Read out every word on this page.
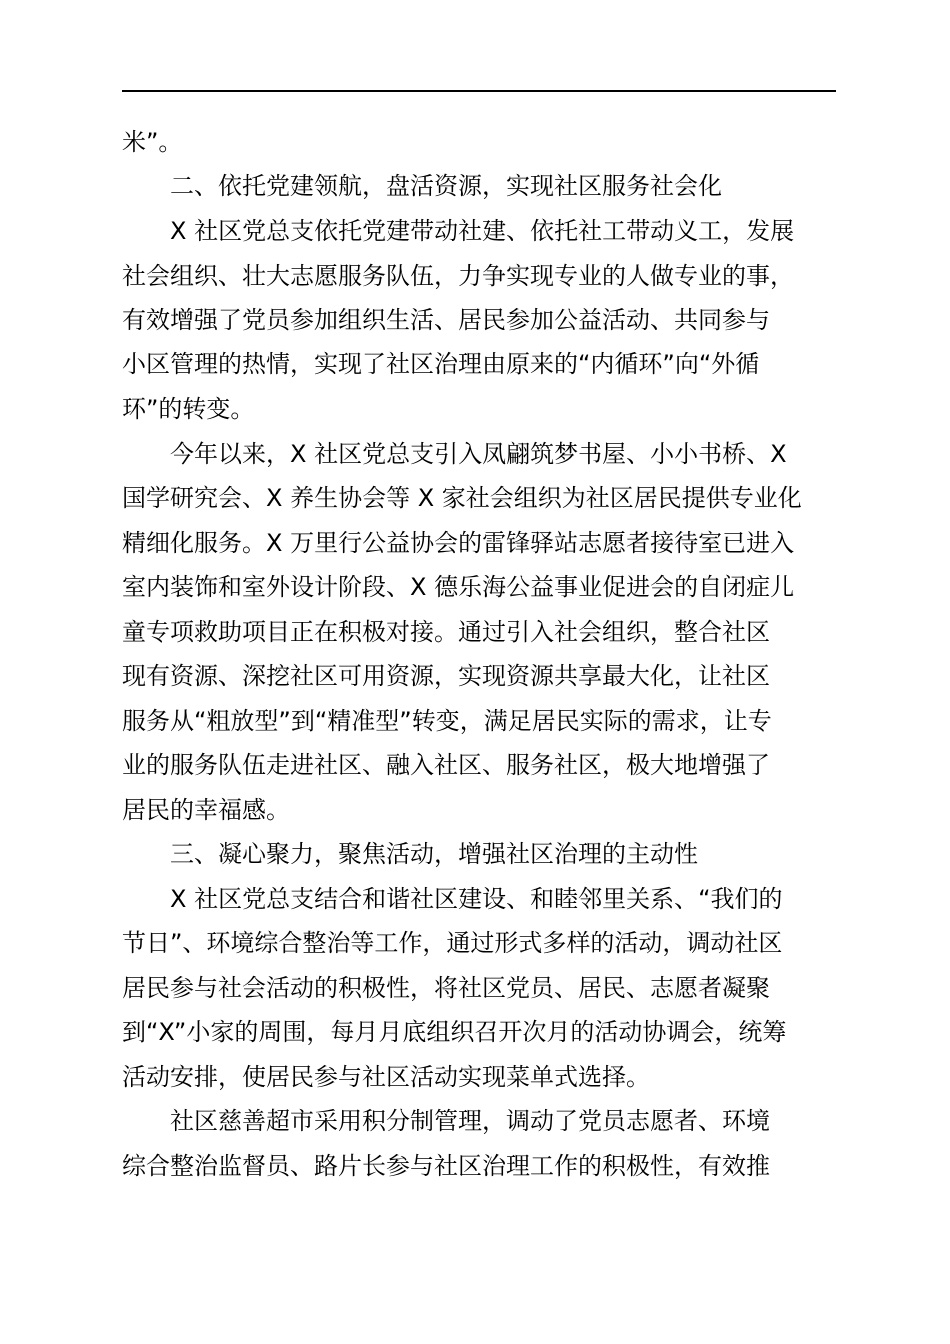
米”。
二、依托党建领航，盘活资源，实现社区服务社会化
X 社区党总支依托党建带动社建、依托社工带动义工，发展
社会组织、壮大志愿服务队伍，力争实现专业的人做专业的事，
有效增强了党员参加组织生活、居民参加公益活动、共同参与
小区管理的热情，实现了社区治理由原来的“内循环”向“外循
环”的转变。
今年以来，X 社区党总支引入凤翩筑梦书屋、小小书桥、X
国学研究会、X 养生协会等 X 家社会组织为社区居民提供专业化
精细化服务。X 万里行公益协会的雷锋驿站志愿者接待室已进入
室内装饰和室外设计阶段、X 德乐海公益事业促进会的自闭症儿
童专项救助项目正在积极对接。通过引入社会组织，整合社区
现有资源、深挖社区可用资源，实现资源共享最大化，让社区
服务从“粗放型”到“精准型”转变，满足居民实际的需求，让专
业的服务队伍走进社区、融入社区、服务社区，极大地增强了
居民的幸福感。
三、凝心聚力，聚焦活动，增强社区治理的主动性
X 社区党总支结合和谐社区建设、和睦邻里关系、“我们的
节日”、环境综合整治等工作，通过形式多样的活动，调动社区
居民参与社会活动的积极性，将社区党员、居民、志愿者凝聚
到“X”小家的周围，每月月底组织召开次月的活动协调会，统筹
活动安排，使居民参与社区活动实现菜单式选择。
社区慈善超市采用积分制管理，调动了党员志愿者、环境
综合整治监督员、路片长参与社区治理工作的积极性，有效推
